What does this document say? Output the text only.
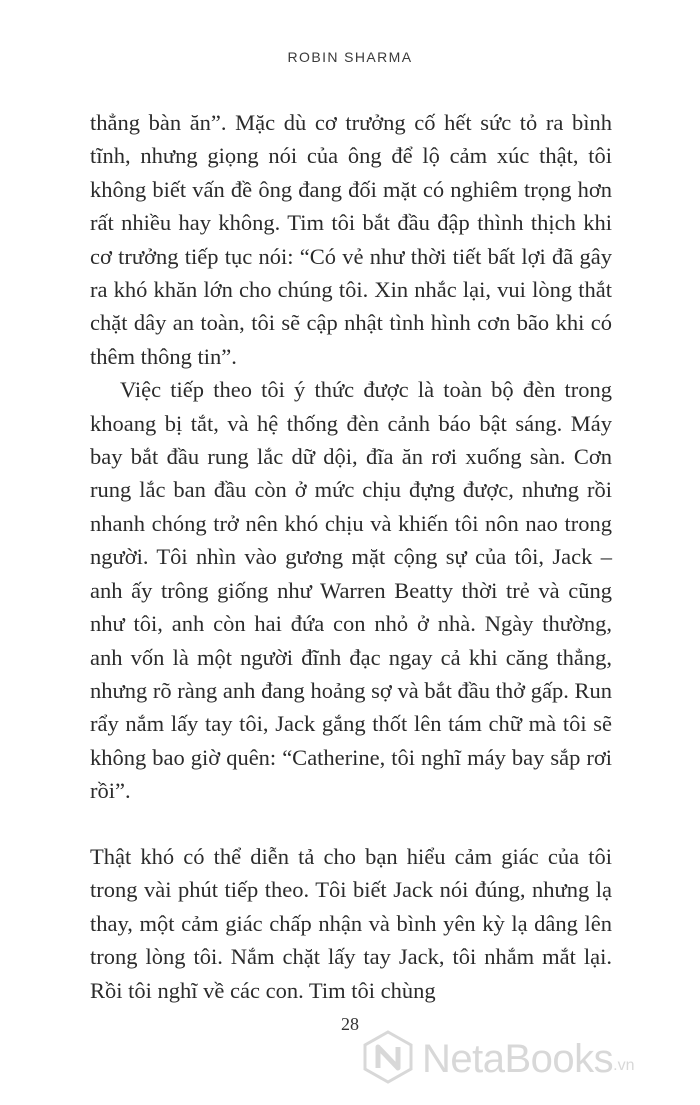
ROBIN SHARMA

thẳng bàn ăn”. Mặc dù cơ trưởng cố hết sức tỏ ra bình tĩnh, nhưng giọng nói của ông để lộ cảm xúc thật, tôi không biết vấn đề ông đang đối mặt có nghiêm trọng hơn rất nhiều hay không. Tim tôi bắt đầu đập thình thịch khi cơ trưởng tiếp tục nói: “Có vẻ như thời tiết bất lợi đã gây ra khó khăn lớn cho chúng tôi. Xin nhắc lại, vui lòng thắt chặt dây an toàn, tôi sẽ cập nhật tình hình cơn bão khi có thêm thông tin”.

Việc tiếp theo tôi ý thức được là toàn bộ đèn trong khoang bị tắt, và hệ thống đèn cảnh báo bật sáng. Máy bay bắt đầu rung lắc dữ dội, đĩa ăn rơi xuống sàn. Cơn rung lắc ban đầu còn ở mức chịu đựng được, nhưng rồi nhanh chóng trở nên khó chịu và khiến tôi nôn nao trong người. Tôi nhìn vào gương mặt cộng sự của tôi, Jack – anh ấy trông giống như Warren Beatty thời trẻ và cũng như tôi, anh còn hai đứa con nhỏ ở nhà. Ngày thường, anh vốn là một người đĩnh đạc ngay cả khi căng thẳng, nhưng rõ ràng anh đang hoảng sợ và bắt đầu thở gấp. Run rẩy nắm lấy tay tôi, Jack gắng thốt lên tám chữ mà tôi sẽ không bao giờ quên: “Catherine, tôi nghĩ máy bay sắp rơi rồi”.

Thật khó có thể diễn tả cho bạn hiểu cảm giác của tôi trong vài phút tiếp theo. Tôi biết Jack nói đúng, nhưng lạ thay, một cảm giác chấp nhận và bình yên kỳ lạ dâng lên trong lòng tôi. Nắm chặt lấy tay Jack, tôi nhắm mắt lại. Rồi tôi nghĩ về các con. Tim tôi chùng

28
NetaBooks .vn
